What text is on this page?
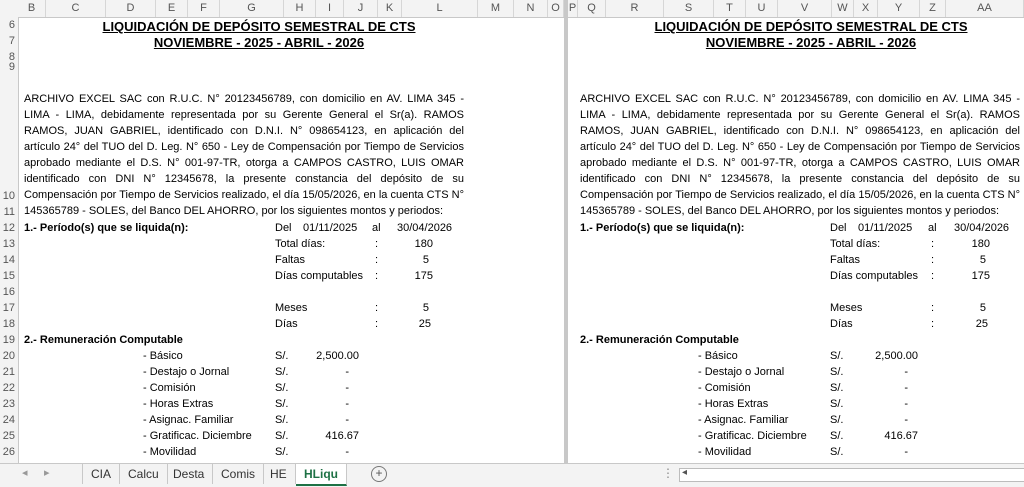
B	C	D	E	F	G	H	I	J	K	L	M	N	O P	Q	R	S	T	U	V	W	X	Y	Z	AA
6
7
8
9
10
11
12
13
14
15
16
17
18
19
20
21
22
23
24
25
26
LIQUIDACIÓN DE DEPÓSITO SEMESTRAL DE CTS
NOVIEMBRE - 2025 - ABRIL - 2026
ARCHIVO EXCEL SAC con R.U.C. N° 20123456789, con domicilio en AV. LIMA 345 - LIMA - LIMA, debidamente representada por su Gerente General el Sr(a). RAMOS RAMOS, JUAN GABRIEL, identificado con D.N.I. N° 098654123, en aplicación del artículo 24° del TUO del D. Leg. N° 650 - Ley de Compensación por Tiempo de Servicios aprobado mediante el D.S. N° 001-97-TR, otorga a CAMPOS CASTRO, LUIS OMAR identificado con DNI N° 12345678, la presente constancia del depósito de su Compensación por Tiempo de Servicios realizado, el día 15/05/2026, en la cuenta CTS N° 145365789 - SOLES, del Banco DEL AHORRO, por los siguientes montos y periodos:
1.- Período(s) que se liquida(n):	Del 01/11/2025 al 30/04/2026
Total días:	:	180
Faltas	:	5
Días computables :	175
Meses	:	5
Días	:	25
2.- Remuneración Computable
- Básico	S/.	2,500.00
- Destajo o Jornal	S/.	-
- Comisión	S/.	-
- Horas Extras	S/.	-
- Asignac. Familiar	S/.	-
- Gratificac. Diciembre S/.	416.67
- Movilidad	S/.	-
LIQUIDACIÓN DE DEPÓSITO SEMESTRAL DE CTS
NOVIEMBRE - 2025 - ABRIL - 2026
ARCHIVO EXCEL SAC con R.U.C. N° 20123456789, con domicilio en AV. LIMA 345 - LIMA - LIMA, debidamente representada por su Gerente General el Sr(a). RAMOS RAMOS, JUAN GABRIEL, identificado con D.N.I. N° 098654123, en aplicación del artículo 24° del TUO del D. Leg. N° 650 - Ley de Compensación por Tiempo de Servicios aprobado mediante el D.S. N° 001-97-TR, otorga a CAMPOS CASTRO, LUIS OMAR identificado con DNI N° 12345678, la presente constancia del depósito de su Compensación por Tiempo de Servicios realizado, el día 15/05/2026, en la cuenta CTS N° 145365789 - SOLES, del Banco DEL AHORRO, por los siguientes montos y periodos:
1.- Período(s) que se liquida(n):	Del 01/11/2025 al 30/04/2026
Total días:	:	180
Faltas	:	5
Días computables :	175
Meses	:	5
Días	:	25
2.- Remuneración Computable
- Básico	S/.	2,500.00
- Destajo o Jornal	S/.	-
- Comisión	S/.	-
- Horas Extras	S/.	-
- Asignac. Familiar	S/.	-
- Gratificac. Diciembre S/.	416.67
- Movilidad	S/.	-
◂ ▸	CIA	Calcu	Desta	Comis	HE	HLiqu	+	⋮ ◂
